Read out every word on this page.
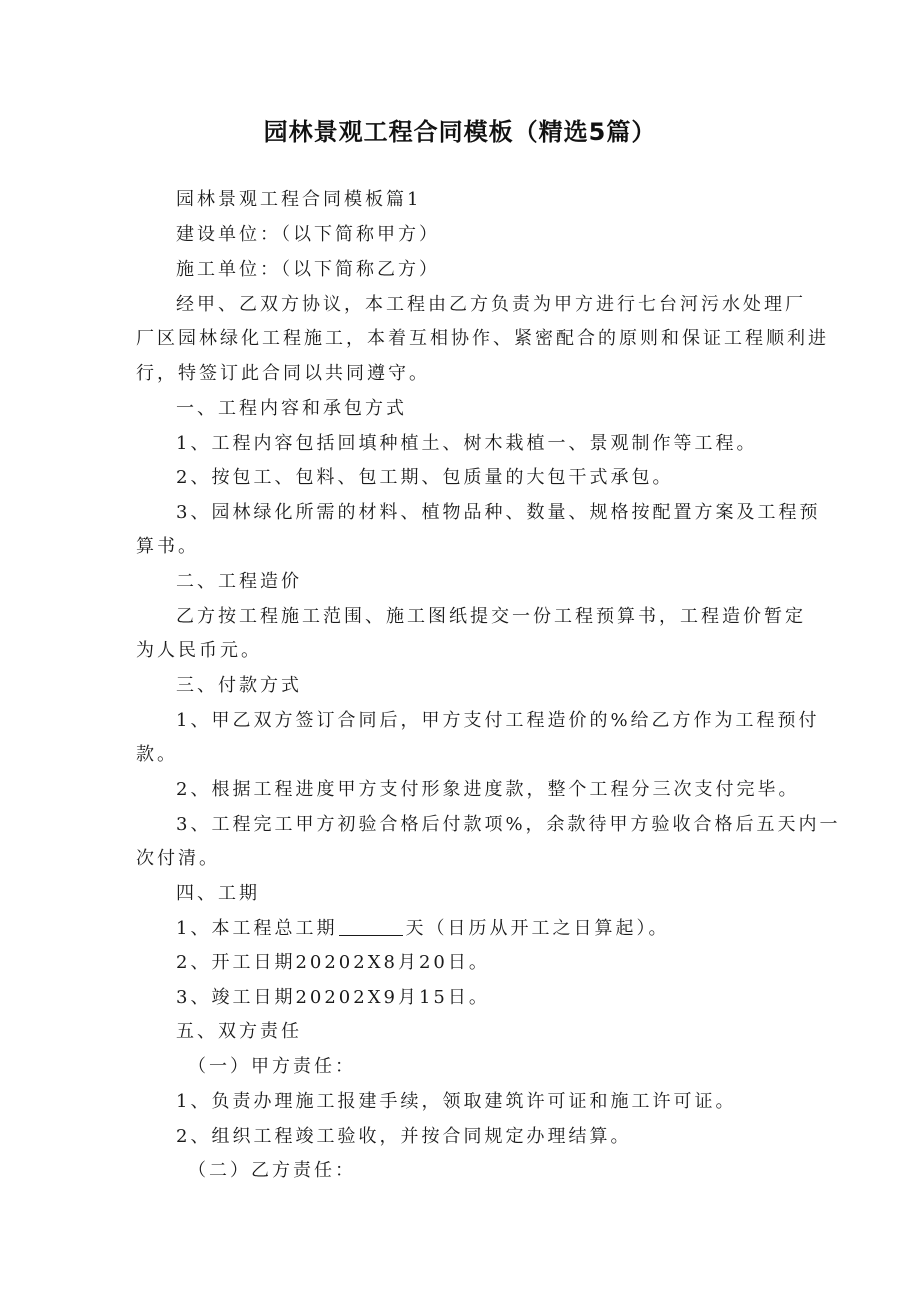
园林景观工程合同模板（精选5篇）
园林景观工程合同模板篇1
建设单位：（以下简称甲方）
施工单位：（以下简称乙方）
经甲、乙双方协议，本工程由乙方负责为甲方进行七台河污水处理厂
厂区园林绿化工程施工，本着互相协作、紧密配合的原则和保证工程顺利进
行，特签订此合同以共同遵守。
一、工程内容和承包方式
1、工程内容包括回填种植土、树木栽植一、景观制作等工程。
2、按包工、包料、包工期、包质量的大包干式承包。
3、园林绿化所需的材料、植物品种、数量、规格按配置方案及工程预
算书。
二、工程造价
乙方按工程施工范围、施工图纸提交一份工程预算书，工程造价暂定
为人民币元。
三、付款方式
1、甲乙双方签订合同后，甲方支付工程造价的%给乙方作为工程预付
款。
2、根据工程进度甲方支付形象进度款，整个工程分三次支付完毕。
3、工程完工甲方初验合格后付款项%，余款待甲方验收合格后五天内一
次付清。
四、工期
1、本工程总工期	天（日历从开工之日算起）。
2、开工日期20202X8月20日。
3、竣工日期20202X9月15日。
五、双方责任
（一）甲方责任：
1、负责办理施工报建手续，领取建筑许可证和施工许可证。
2、组织工程竣工验收，并按合同规定办理结算。
（二）乙方责任：
